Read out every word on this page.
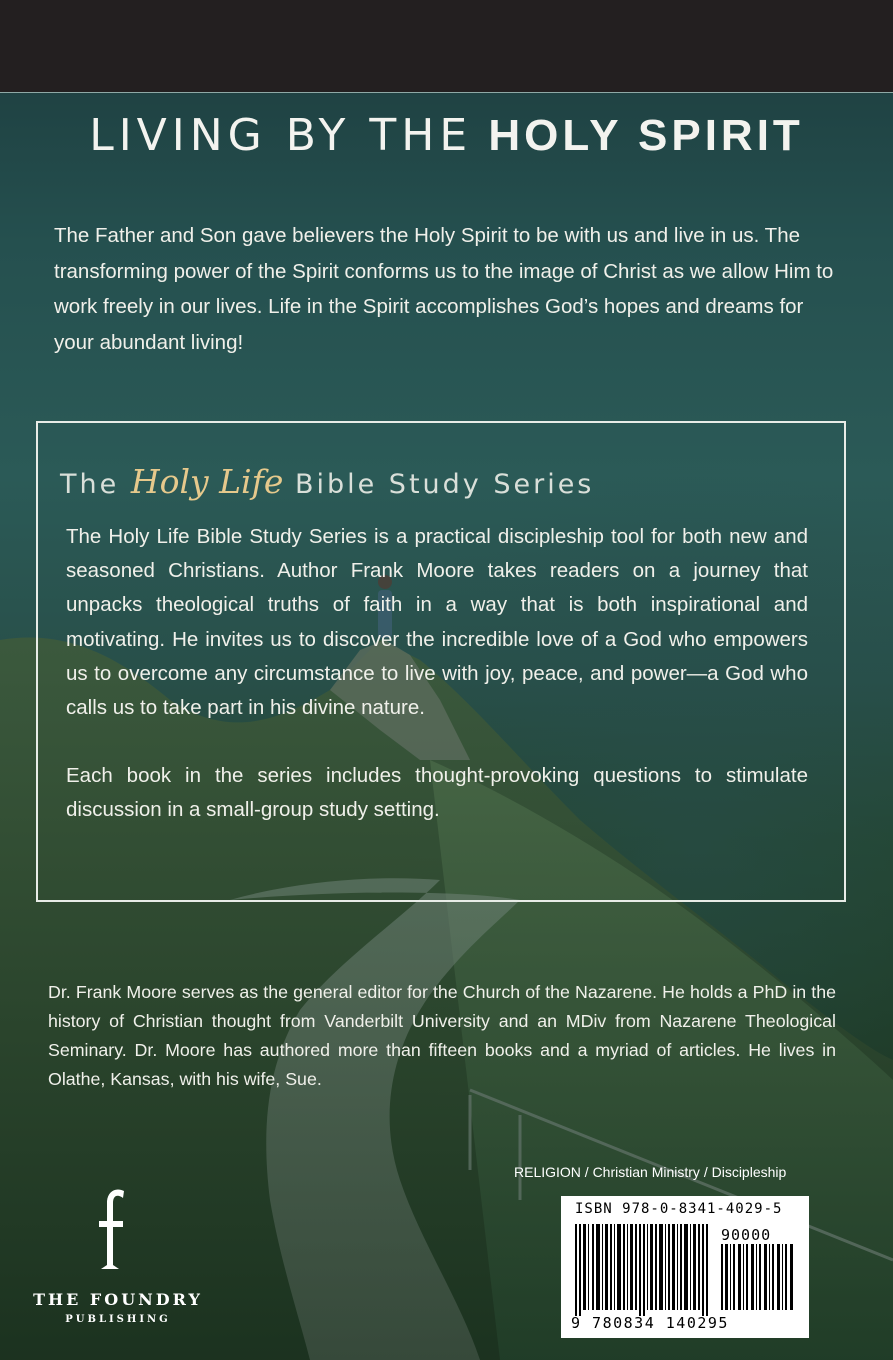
LIVING BY THE HOLY SPIRIT
The Father and Son gave believers the Holy Spirit to be with us and live in us. The transforming power of the Spirit conforms us to the image of Christ as we allow Him to work freely in our lives. Life in the Spirit accomplishes God’s hopes and dreams for your abundant living!
The Holy Life Bible Study Series
The Holy Life Bible Study Series is a practical discipleship tool for both new and seasoned Christians. Author Frank Moore takes readers on a journey that unpacks theological truths of faith in a way that is both inspirational and motivating. He invites us to discover the incredible love of a God who empowers us to overcome any circumstance to live with joy, peace, and power—a God who calls us to take part in his divine nature.
Each book in the series includes thought-provoking questions to stimulate discussion in a small-group study setting.
Dr. Frank Moore serves as the general editor for the Church of the Nazarene. He holds a PhD in the history of Christian thought from Vanderbilt University and an MDiv from Nazarene Theological Seminary. Dr. Moore has authored more than fifteen books and a myriad of articles. He lives in Olathe, Kansas, with his wife, Sue.
RELIGION / Christian Ministry / Discipleship
ISBN 978-0-8341-4029-5
90000
9 780834 140295
THE FOUNDRY
PUBLISHING
